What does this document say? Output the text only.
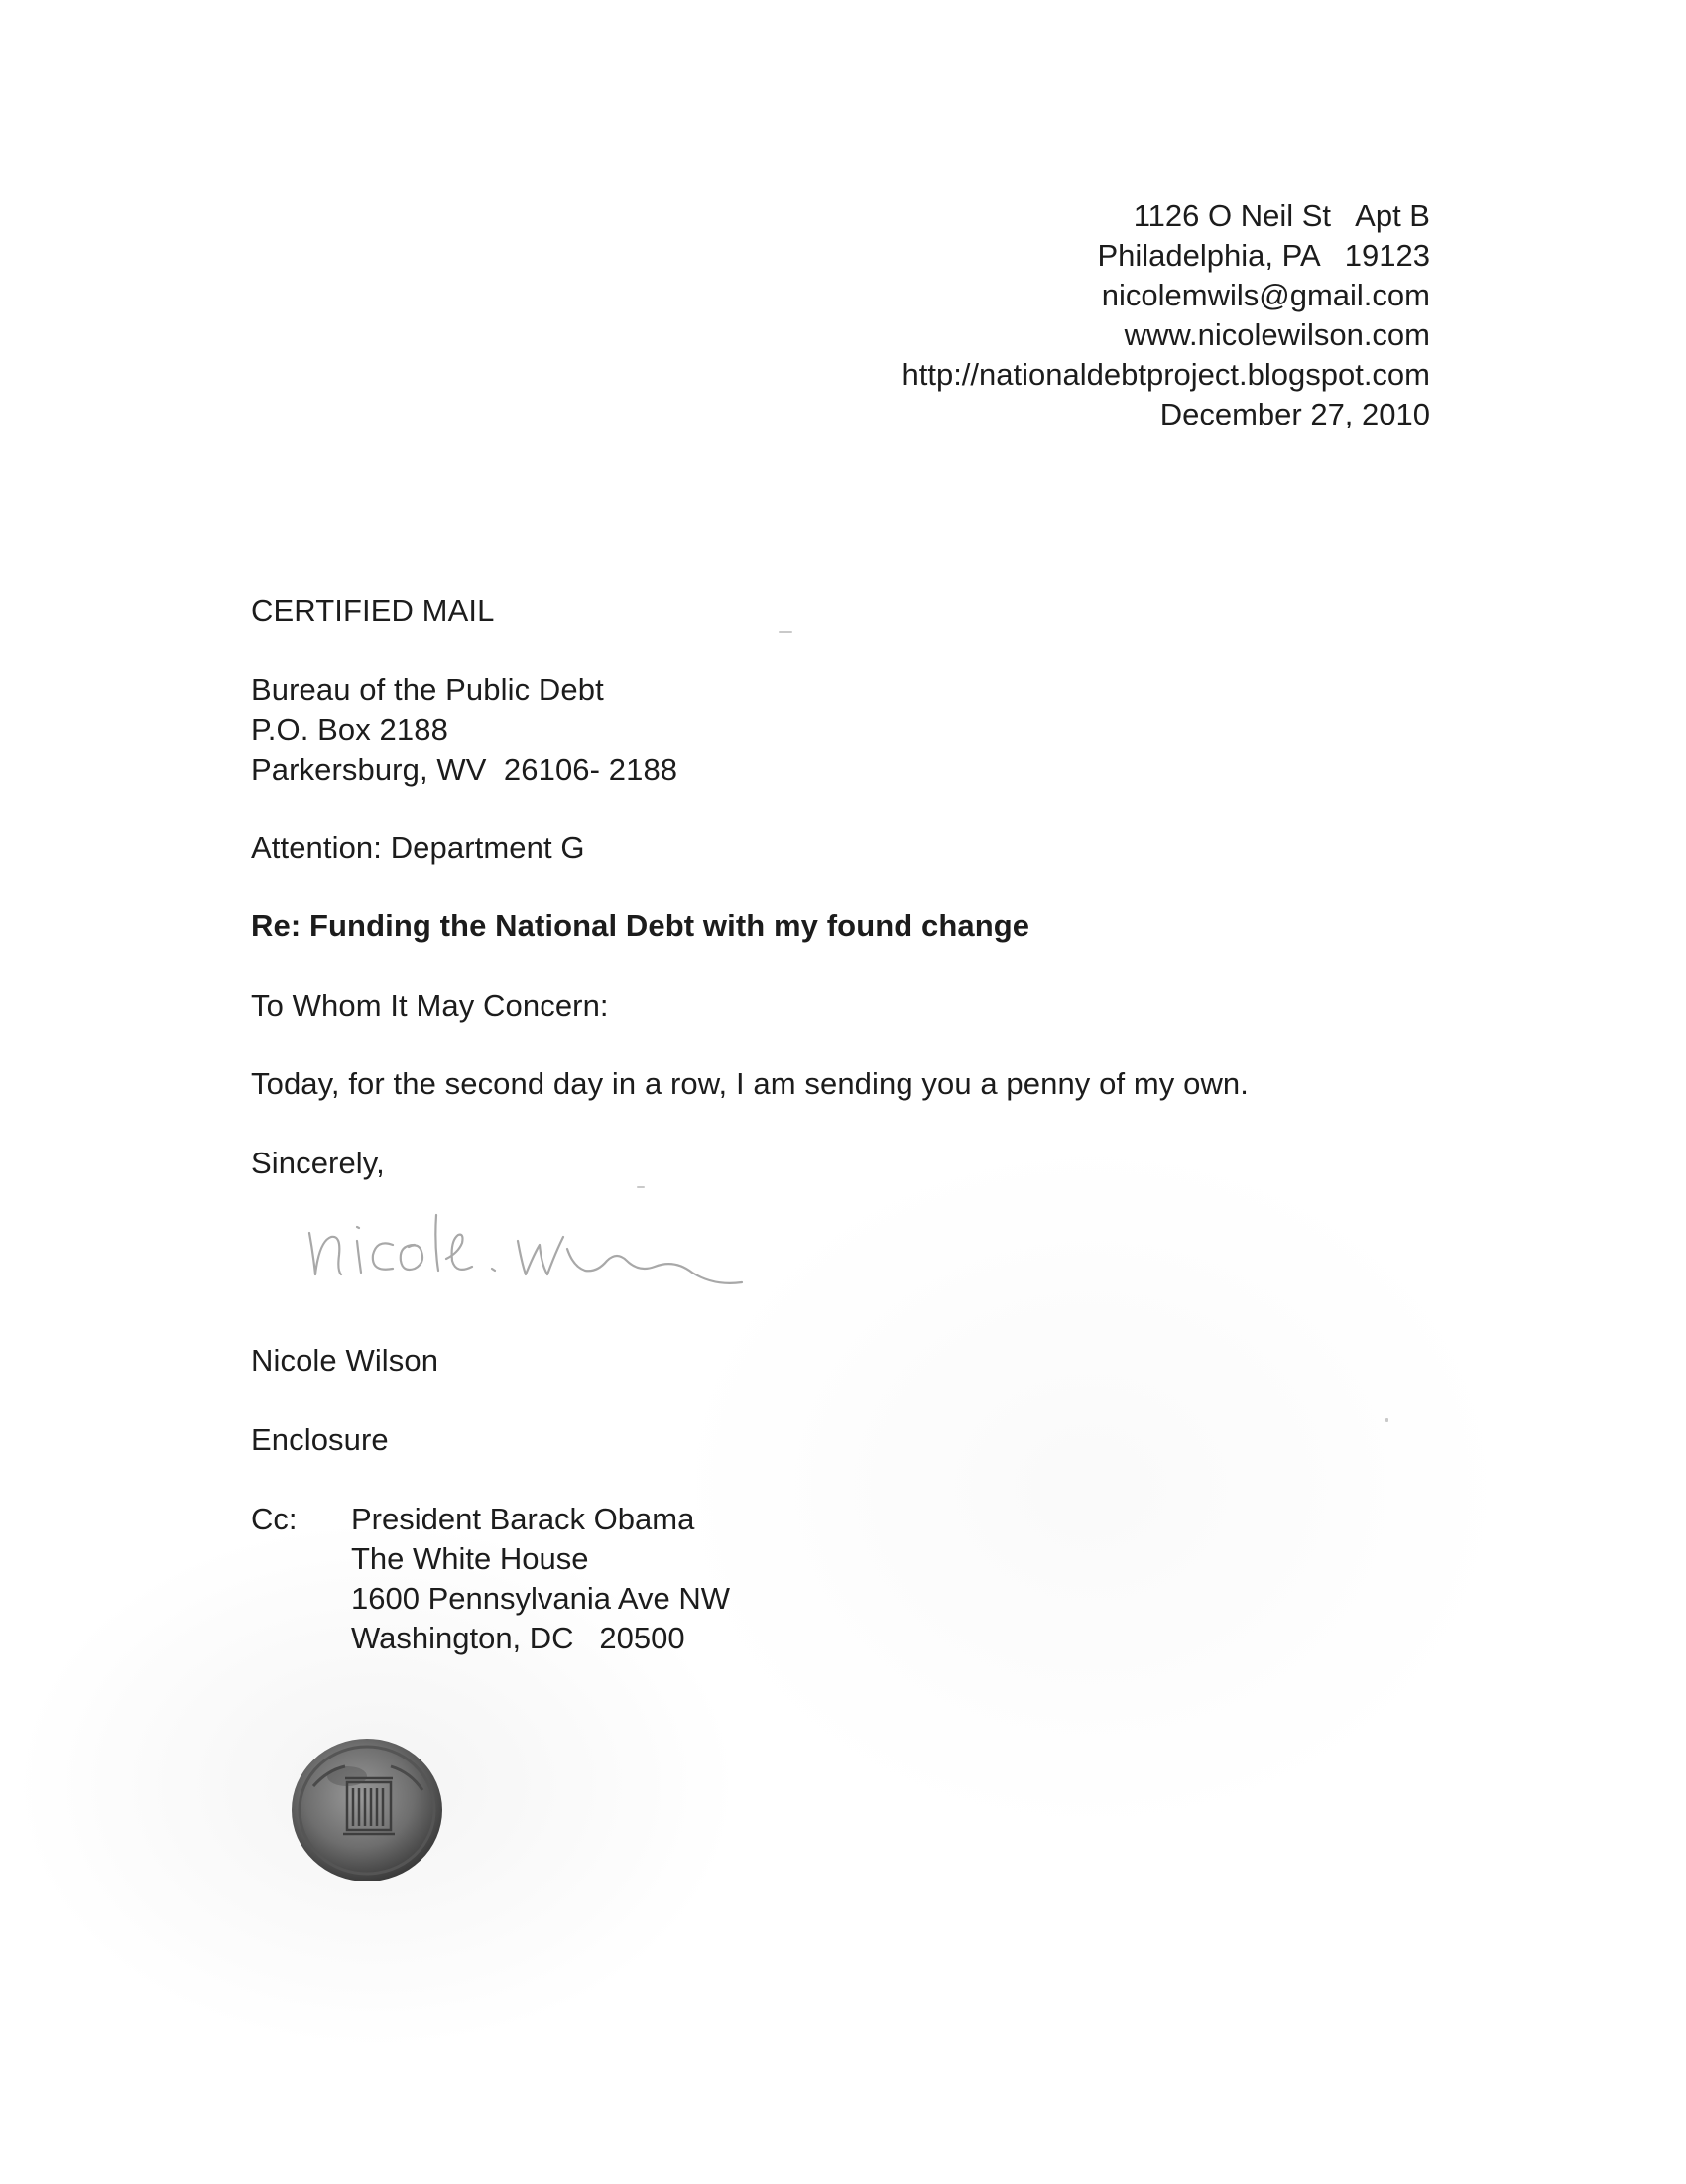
1126 O Neil St   Apt B
Philadelphia, PA   19123
nicolemwils@gmail.com
www.nicolewilson.com
http://nationaldebtproject.blogspot.com
December 27, 2010
CERTIFIED MAIL
Bureau of the Public Debt
P.O. Box 2188
Parkersburg, WV  26106- 2188
Attention: Department G
Re: Funding the National Debt with my found change
To Whom It May Concern:
Today, for the second day in a row, I am sending you a penny of my own.
Sincerely,
Nicole Wilson
Enclosure
Cc: President Barack Obama
The White House
1600 Pennsylvania Ave NW
Washington, DC   20500
